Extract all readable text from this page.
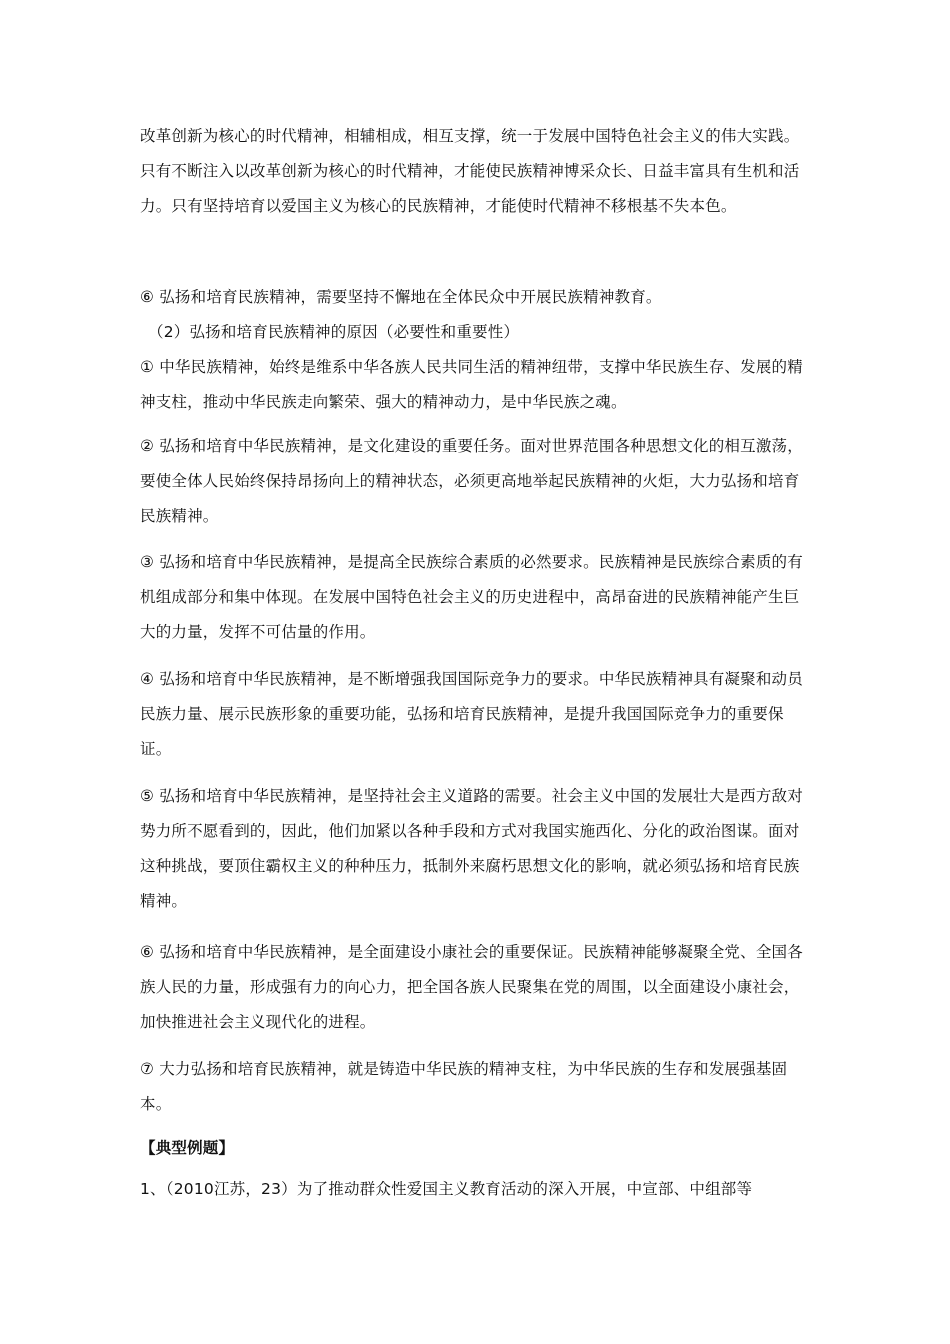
改革创新为核心的时代精神，相辅相成，相互支撑，统一于发展中国特色社会主义的伟大实践。只有不断注入以改革创新为核心的时代精神，才能使民族精神博采众长、日益丰富具有生机和活力。只有坚持培育以爱国主义为核心的民族精神，才能使时代精神不移根基不失本色。
⑥ 弘扬和培育民族精神，需要坚持不懈地在全体民众中开展民族精神教育。
（2）弘扬和培育民族精神的原因（必要性和重要性）
① 中华民族精神，始终是维系中华各族人民共同生活的精神纽带，支撑中华民族生存、发展的精神支柱，推动中华民族走向繁荣、强大的精神动力，是中华民族之魂。
② 弘扬和培育中华民族精神，是文化建设的重要任务。面对世界范围各种思想文化的相互激荡，要使全体人民始终保持昂扬向上的精神状态，必须更高地举起民族精神的火炬，大力弘扬和培育民族精神。
③ 弘扬和培育中华民族精神，是提高全民族综合素质的必然要求。民族精神是民族综合素质的有机组成部分和集中体现。在发展中国特色社会主义的历史进程中，高昂奋进的民族精神能产生巨大的力量，发挥不可估量的作用。
④ 弘扬和培育中华民族精神，是不断增强我国国际竞争力的要求。中华民族精神具有凝聚和动员民族力量、展示民族形象的重要功能，弘扬和培育民族精神，是提升我国国际竞争力的重要保证。
⑤ 弘扬和培育中华民族精神，是坚持社会主义道路的需要。社会主义中国的发展壮大是西方敌对势力所不愿看到的，因此，他们加紧以各种手段和方式对我国实施西化、分化的政治图谋。面对这种挑战，要顶住霸权主义的种种压力，抵制外来腐朽思想文化的影响，就必须弘扬和培育民族精神。
⑥ 弘扬和培育中华民族精神，是全面建设小康社会的重要保证。民族精神能够凝聚全党、全国各族人民的力量，形成强有力的向心力，把全国各族人民聚集在党的周围，以全面建设小康社会，加快推进社会主义现代化的进程。
⑦ 大力弘扬和培育民族精神，就是铸造中华民族的精神支柱，为中华民族的生存和发展强基固本。
【典型例题】
1、（2010江苏，23）为了推动群众性爱国主义教育活动的深入开展，中宣部、中组部等
